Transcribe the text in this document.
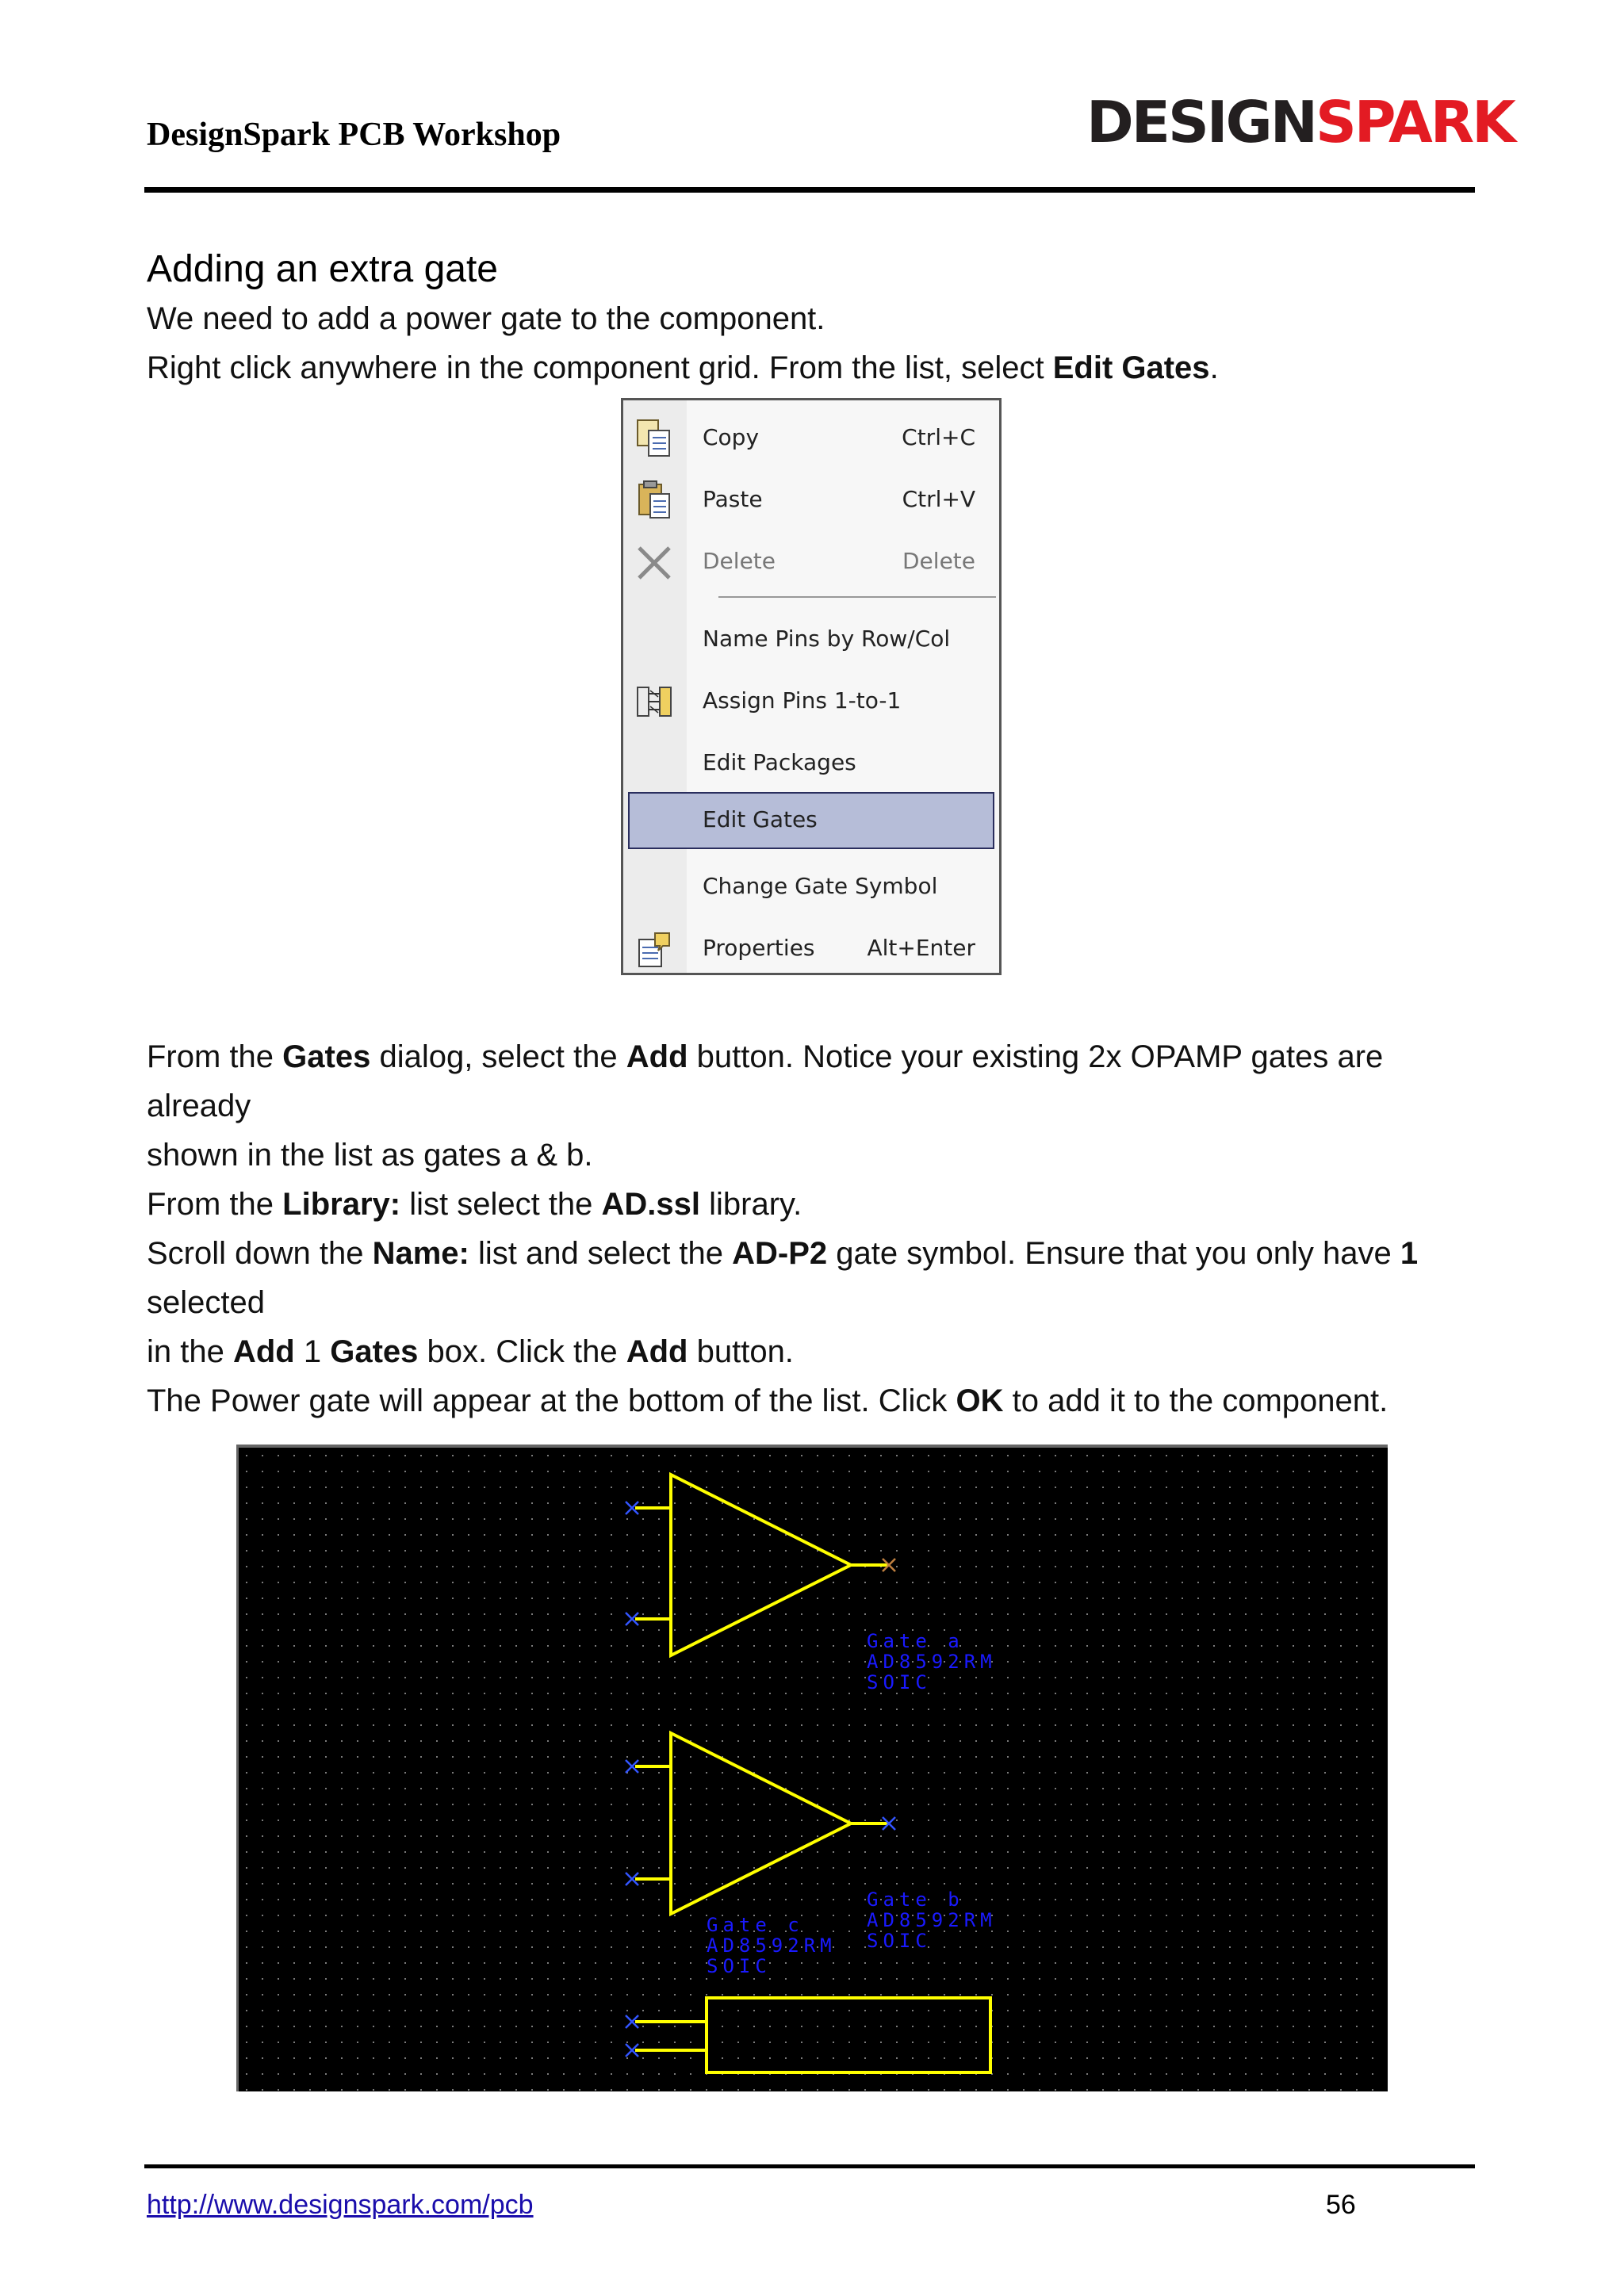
DesignSpark PCB Workshop	DESIGNSPARK
Adding an extra gate
We need to add a power gate to the component.
Right click anywhere in the component grid. From the list, select Edit Gates.
Copy	Ctrl+C
Paste	Ctrl+V
Delete	Delete
Name Pins by Row/Col
Assign Pins 1-to-1
Edit Packages
Edit Gates
Change Gate Symbol
Properties Alt+Enter
From the Gates dialog, select the Add button. Notice your existing 2x OPAMP gates are
already
shown in the list as gates a & b.
From the Library: list select the AD.ssl library.
Scroll down the Name: list and select the AD-P2 gate symbol. Ensure that you only have 1
selected
in the Add 1 Gates box. Click the Add button.
The Power gate will appear at the bottom of the list. Click OK to add it to the component.
Gate a
AD8592RM
SOIC
Gate b
AD8592RM
SOIC
Gate c
AD8592RM
SOIC
http://www.designspark.com/pcb	56
